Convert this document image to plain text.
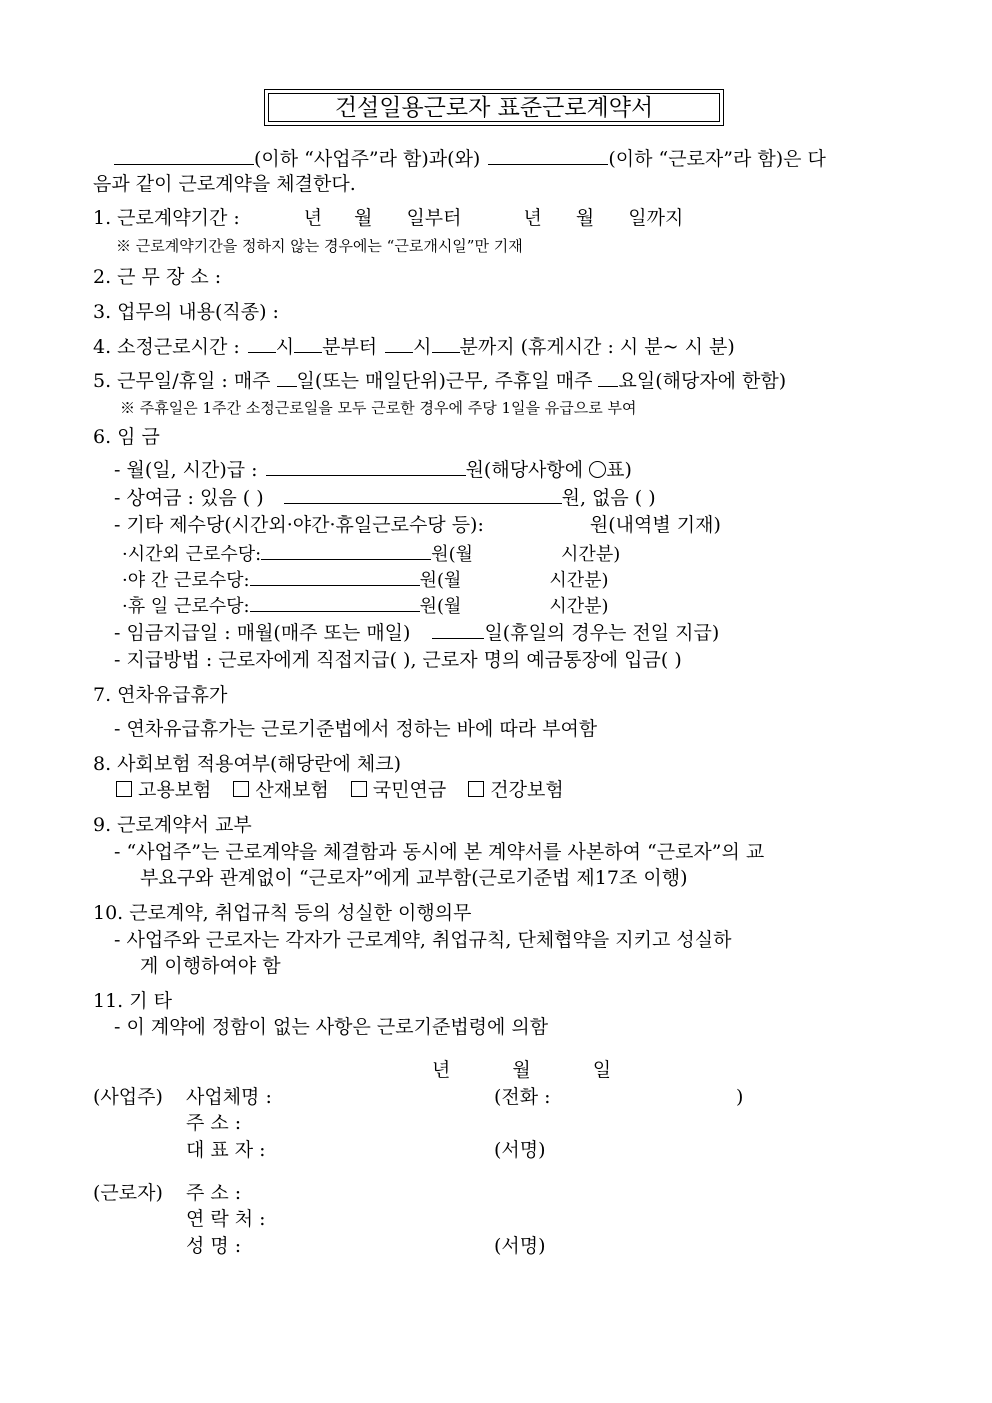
건설일용근로자 표준근로계약서
(이하 “사업주”라 함)과(와)	(이하 “근로자”라 함)은 다
음과 같이 근로계약을 체결한다.
1. 근로계약기간 :	년 월 일부터	년 월 일까지
※ 근로계약기간을 정하지 않는 경우에는 “근로개시일”만 기재
2. 근 무 장 소 :
3. 업무의 내용(직종) :
4. 소정근로시간 : 시 분부터 시 분까지 (휴게시간 : 시 분~ 시 분)
5. 근무일/휴일 : 매주 일(또는 매일단위)근무, 주휴일 매주 요일(해당자에 한함)
※ 주휴일은 1주간 소정근로일을 모두 근로한 경우에 주당 1일을 유급으로 부여
6. 임 금
- 월(일, 시간)급 :	원(해당사항에 ○표)
- 상여금 : 있음 ( )	원, 없음 ( )
- 기타 제수당(시간외·야간·휴일근로수당 등):	원(내역별 기재)
·시간외 근로수당:	원(월	시간분)
·야 간 근로수당:	원(월	시간분)
·휴 일 근로수당:	원(월	시간분)
- 임금지급일 : 매월(매주 또는 매일)	일(휴일의 경우는 전일 지급)
- 지급방법 : 근로자에게 직접지급( ), 근로자 명의 예금통장에 입금( )
7. 연차유급휴가
- 연차유급휴가는 근로기준법에서 정하는 바에 따라 부여함
8. 사회보험 적용여부(해당란에 체크)
고용보험 산재보험 국민연금 건강보험
9. 근로계약서 교부
- “사업주”는 근로계약을 체결함과 동시에 본 계약서를 사본하여 “근로자”의 교
부요구와 관계없이 “근로자”에게 교부함(근로기준법 제17조 이행)
10. 근로계약, 취업규칙 등의 성실한 이행의무
- 사업주와 근로자는 각자가 근로계약, 취업규칙, 단체협약을 지키고 성실하
게 이행하여야 함
11. 기 타
- 이 계약에 정함이 없는 사항은 근로기준법령에 의함
년	월	일
(사업주) 사업체명 :	(전화 :	)
주 소 :
대 표 자 :	(서명)
(근로자) 주 소 :
연 락 처 :
성 명 :	(서명)
